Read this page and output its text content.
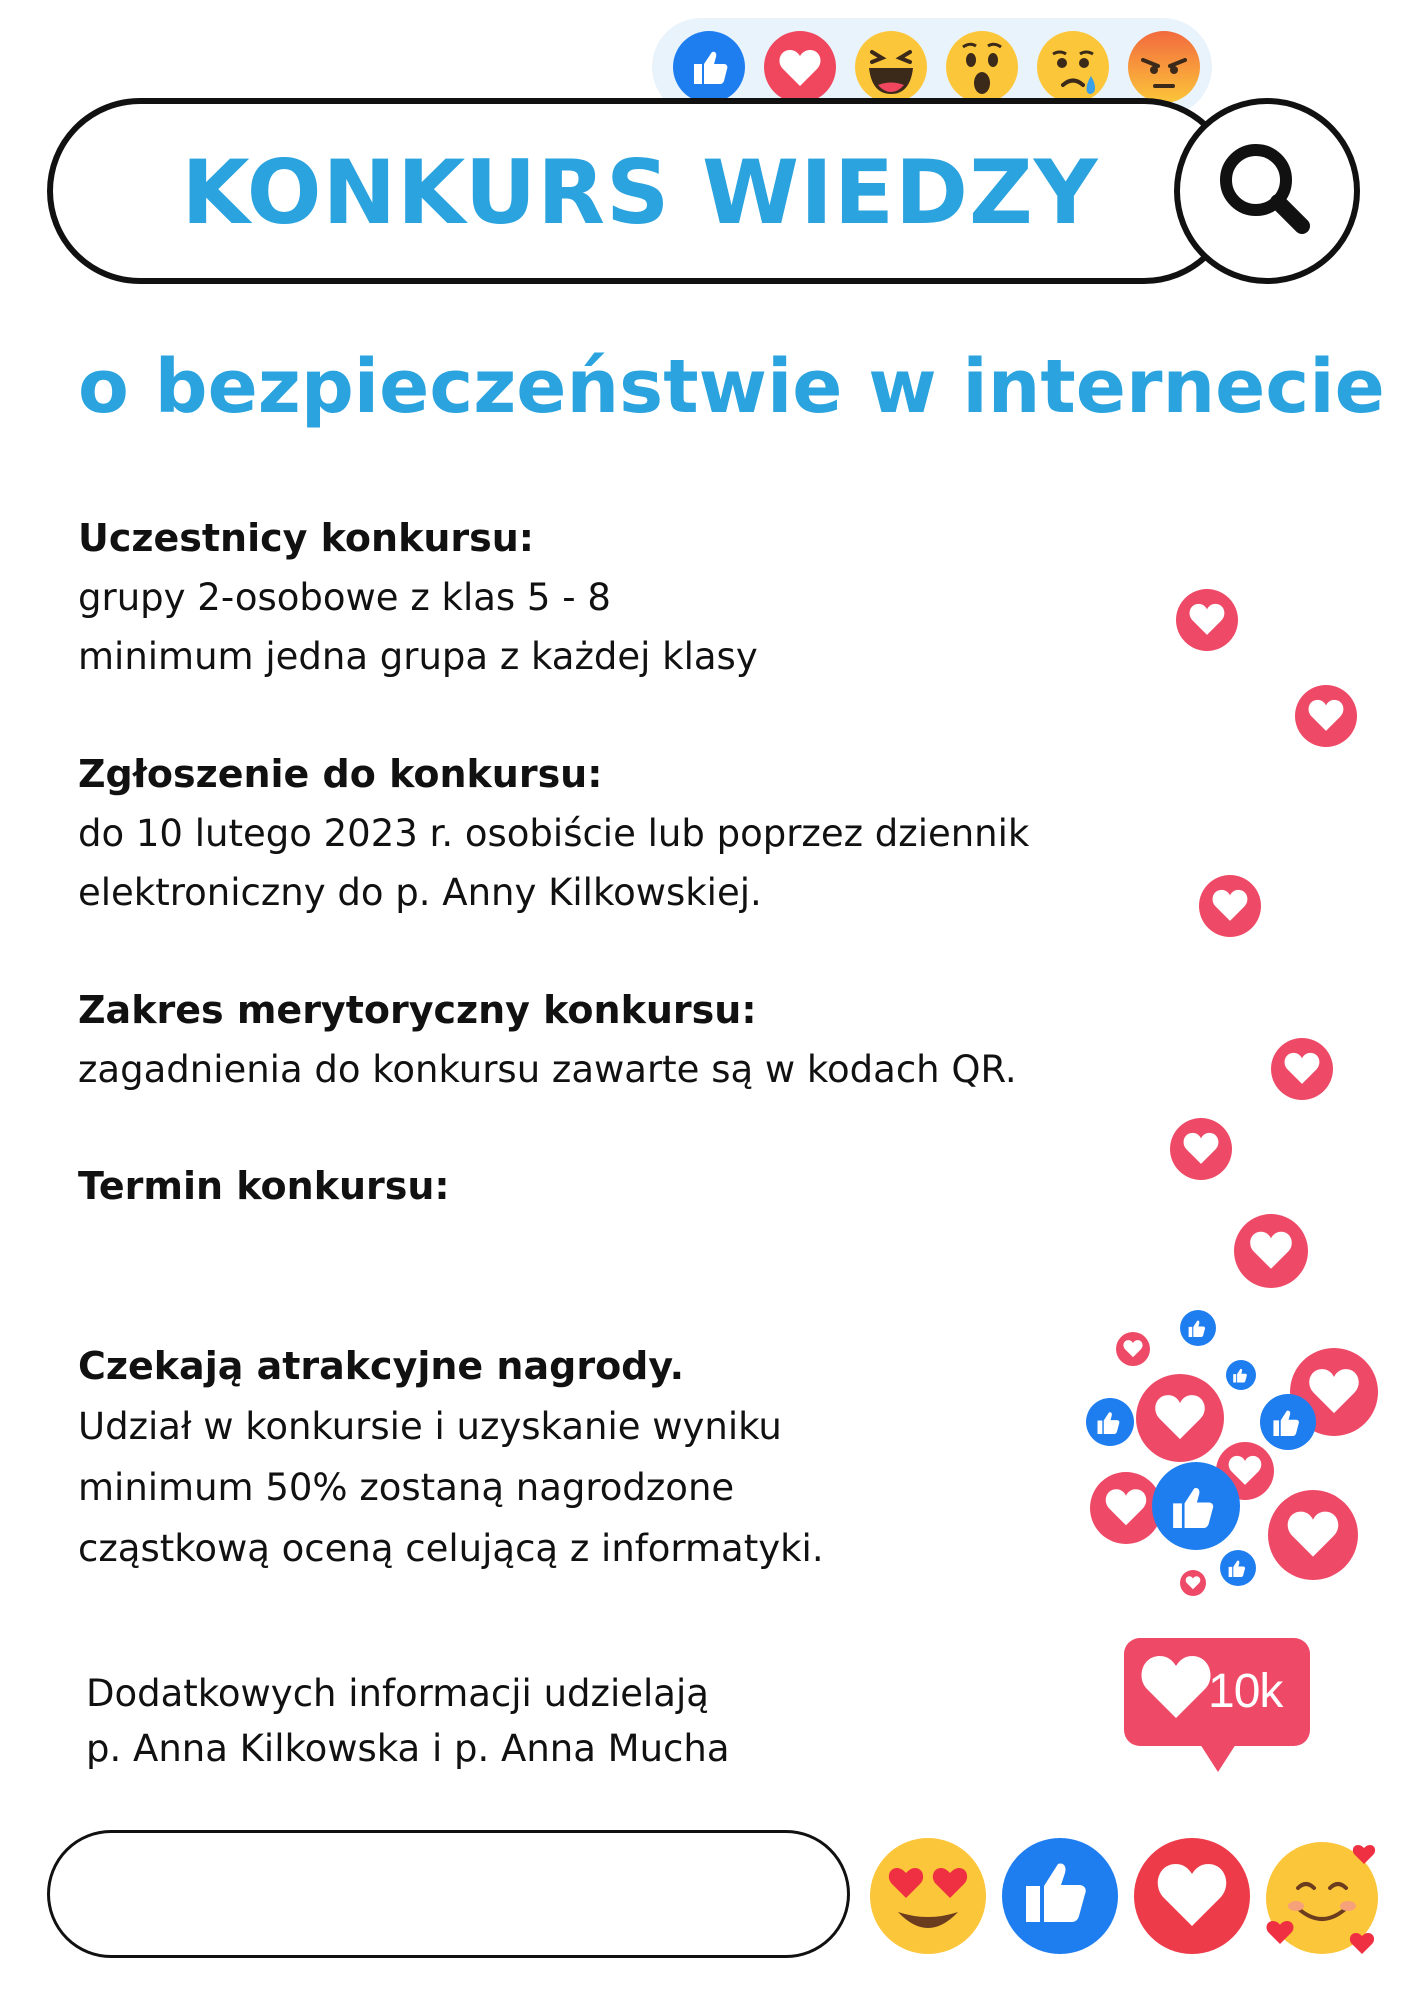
KONKURS WIEDZY
o bezpieczeństwie w internecie
Uczestnicy konkursu:
grupy 2-osobowe z klas 5 - 8
minimum jedna grupa z każdej klasy
Zgłoszenie do konkursu:
do 10 lutego 2023 r. osobiście lub poprzez dziennik
elektroniczny do p. Anny Kilkowskiej.
Zakres merytoryczny konkursu:
zagadnienia do konkursu zawarte są w kodach QR.
Termin konkursu:
Czekają atrakcyjne nagrody.
Udział w konkursie i uzyskanie wyniku
minimum 50% zostaną nagrodzone
cząstkową oceną celującą z informatyki.
Dodatkowych informacji udzielają
p. Anna Kilkowska i p. Anna Mucha
10k
